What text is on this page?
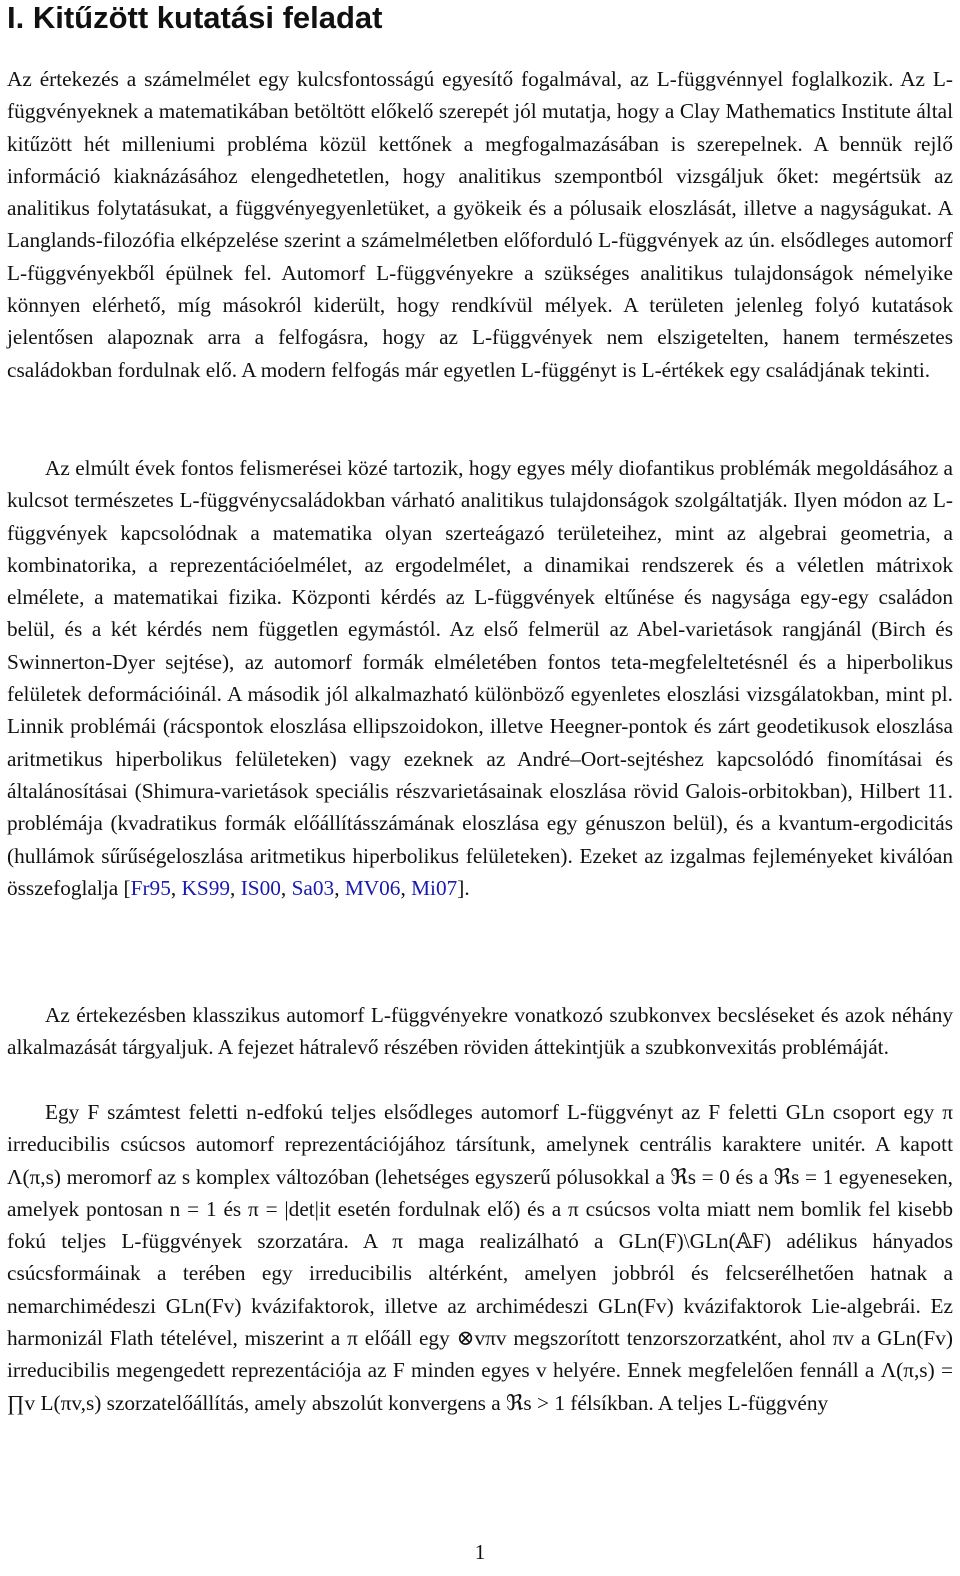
I. Kitűzött kutatási feladat
Az értekezés a számelmélet egy kulcsfontosságú egyesítő fogalmával, az L-függvénnyel foglalkozik. Az L-függvényeknek a matematikában betöltött előkelő szerepét jól mutatja, hogy a Clay Mathematics Institute által kitűzött hét milleniumi probléma közül kettőnek a megfogalmazásában is szerepelnek. A bennük rejlő információ kiaknázásához elengedhetetlen, hogy analitikus szempontból vizsgáljuk őket: megértsük az analitikus folytatásukat, a függvényegyenletüket, a gyökeik és a pólusaik eloszlását, illetve a nagyságukat. A Langlands-filozófia elképzelése szerint a számelméletben előforduló L-függvények az ún. elsődleges automorf L-függvényekből épülnek fel. Automorf L-függvényekre a szükséges analitikus tulajdonságok némelyike könnyen elérhető, míg másokról kiderült, hogy rendkívül mélyek. A területen jelenleg folyó kutatások jelentősen alapoznak arra a felfogásra, hogy az L-függvények nem elszigetelten, hanem természetes családokban fordulnak elő. A modern felfogás már egyetlen L-függényt is L-értékek egy családjának tekinti.
Az elmúlt évek fontos felismerései közé tartozik, hogy egyes mély diofantikus problémák megoldásához a kulcsot természetes L-függvénycsaládokban várható analitikus tulajdonságok szolgáltatják. Ilyen módon az L-függvények kapcsolódnak a matematika olyan szerteágazó területeihez, mint az algebrai geometria, a kombinatorika, a reprezentációelmélet, az ergodelmélet, a dinamikai rendszerek és a véletlen mátrixok elmélete, a matematikai fizika. Központi kérdés az L-függvények eltűnése és nagysága egy-egy családon belül, és a két kérdés nem független egymástól. Az első felmerül az Abel-varietások rangjánál (Birch és Swinnerton-Dyer sejtése), az automorf formák elméletében fontos teta-megfeleltetésnél és a hiperbolikus felületek deformációinál. A második jól alkalmazható különböző egyenletes eloszlási vizsgálatokban, mint pl. Linnik problémái (rácspontok eloszlása ellipszoidokon, illetve Heegner-pontok és zárt geodetikusok eloszlása aritmetikus hiperbolikus felületeken) vagy ezeknek az André–Oort-sejtéshez kapcsolódó finomításai és általánosításai (Shimura-varietások speciális részvarietásainak eloszlása rövid Galois-orbitokban), Hilbert 11. problémája (kvadratikus formák előállításszámának eloszlása egy génuszon belül), és a kvantum-ergodicitás (hullámok sűrűségeloszlása aritmetikus hiperbolikus felületeken). Ezeket az izgalmas fejleményeket kiválóan összefoglalja [Fr95, KS99, IS00, Sa03, MV06, Mi07].
Az értekezésben klasszikus automorf L-függvényekre vonatkozó szubkonvex becsléseket és azok néhány alkalmazását tárgyaljuk. A fejezet hátralevő részében röviden áttekintjük a szubkonvexitás problémáját.
Egy F számtest feletti n-edfokú teljes elsődleges automorf L-függvényt az F feletti GLn csoport egy π irreducibilis csúcsos automorf reprezentációjához társítunk, amelynek centrális karaktere unitér. A kapott Λ(π,s) meromorf az s komplex változóban (lehetséges egyszerű pólusokkal a ℜs = 0 és a ℜs = 1 egyeneseken, amelyek pontosan n = 1 és π = |det|it esetén fordulnak elő) és a π csúcsos volta miatt nem bomlik fel kisebb fokú teljes L-függvények szorzatára. A π maga realizálható a GLn(F)\GLn(𝔸F) adélikus hányados csúcsformáinak a terében egy irreducibilis altérként, amelyen jobbról és felcserélhetően hatnak a nemarchimédeszi GLn(Fv) kvázifaktorok, illetve az archimédeszi GLn(Fv) kvázifaktorok Lie-algebrái. Ez harmonizál Flath tételével, miszerint a π előáll egy ⊗vπv megszorított tenzorszorzatként, ahol πv a GLn(Fv) irreducibilis megengedett reprezentációja az F minden egyes v helyére. Ennek megfelelően fennáll a Λ(π,s) = ∏v L(πv,s) szorzatelőállítás, amely abszolút konvergens a ℜs > 1 félsíkban. A teljes L-függvény
1
